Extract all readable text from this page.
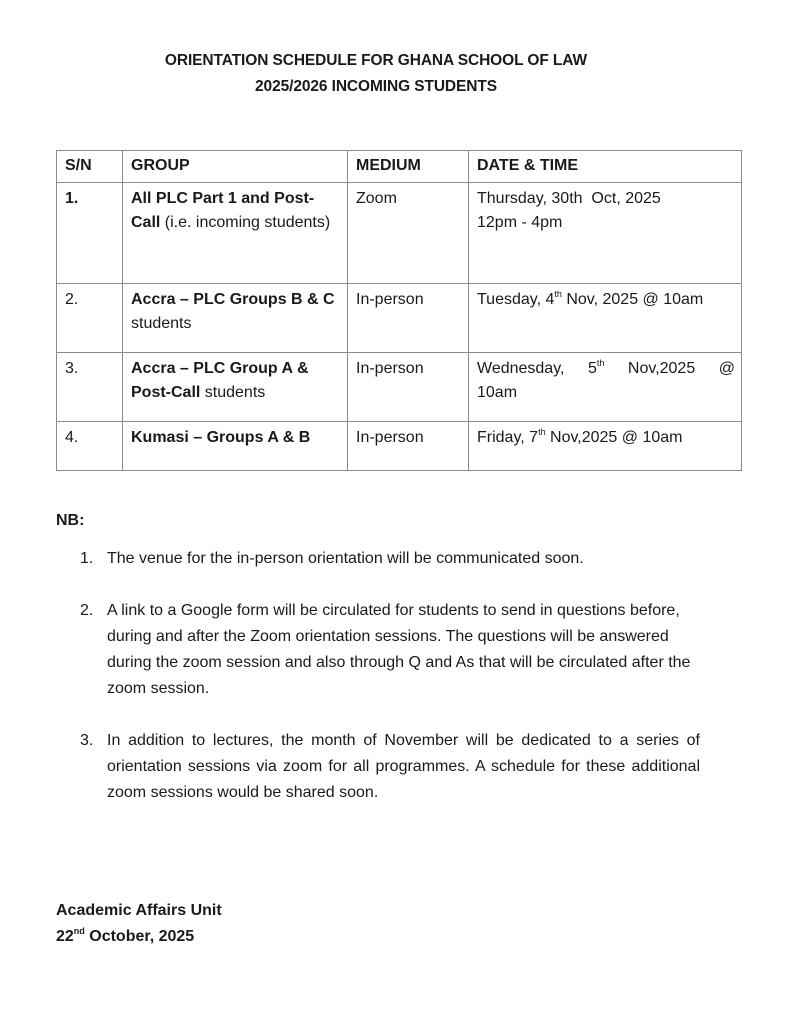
ORIENTATION SCHEDULE FOR GHANA SCHOOL OF LAW
2025/2026 INCOMING STUDENTS
S/N	GROUP	MEDIUM	DATE & TIME
1.	All PLC Part 1 and Post-Call (i.e. incoming students)	Zoom	Thursday, 30th  Oct, 2025
12pm - 4pm

2.	Accra – PLC Groups B & C students	In-person	Tuesday, 4th Nov, 2025 @ 10am
3.	Accra – PLC Group A & Post-Call students	In-person	Wednesday, 5th Nov,2025 @
10am

4.	Kumasi – Groups A & B	In-person	Friday, 7th Nov,2025 @ 10am
NB:
1. The venue for the in-person orientation will be communicated soon.
2. A link to a Google form will be circulated for students to send in questions before, during and after the Zoom orientation sessions. The questions will be answered during the zoom session and also through Q and As that will be circulated after the zoom session.
3. In addition to lectures, the month of November will be dedicated to a series of orientation sessions via zoom for all programmes. A schedule for these additional zoom sessions would be shared soon.
Academic Affairs Unit
22nd October, 2025
